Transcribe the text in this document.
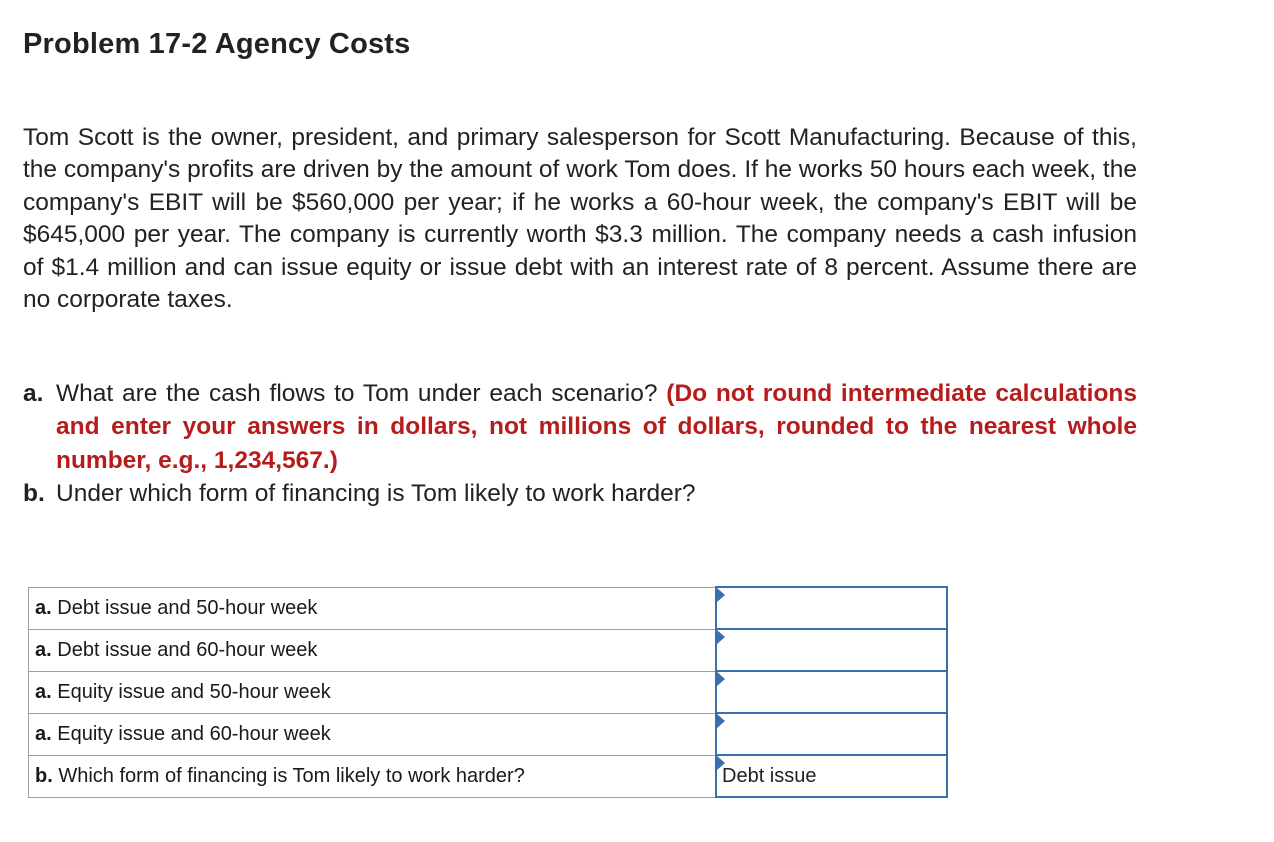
Problem 17-2 Agency Costs

Tom Scott is the owner, president, and primary salesperson for Scott Manufacturing. Because of this, the company's profits are driven by the amount of work Tom does. If he works 50 hours each week, the company's EBIT will be $560,000 per year; if he works a 60-hour week, the company's EBIT will be $645,000 per year. The company is currently worth $3.3 million. The company needs a cash infusion of $1.4 million and can issue equity or issue debt with an interest rate of 8 percent. Assume there are no corporate taxes.

a. What are the cash flows to Tom under each scenario? (Do not round intermediate calculations and enter your answers in dollars, not millions of dollars, rounded to the nearest whole number, e.g., 1,234,567.)
b. Under which form of financing is Tom likely to work harder?
a. Debt issue and 50-hour week	

a. Debt issue and 60-hour week	

a. Equity issue and 50-hour week	

a. Equity issue and 60-hour week	

b. Which form of financing is Tom likely to work harder?	Debt issue
